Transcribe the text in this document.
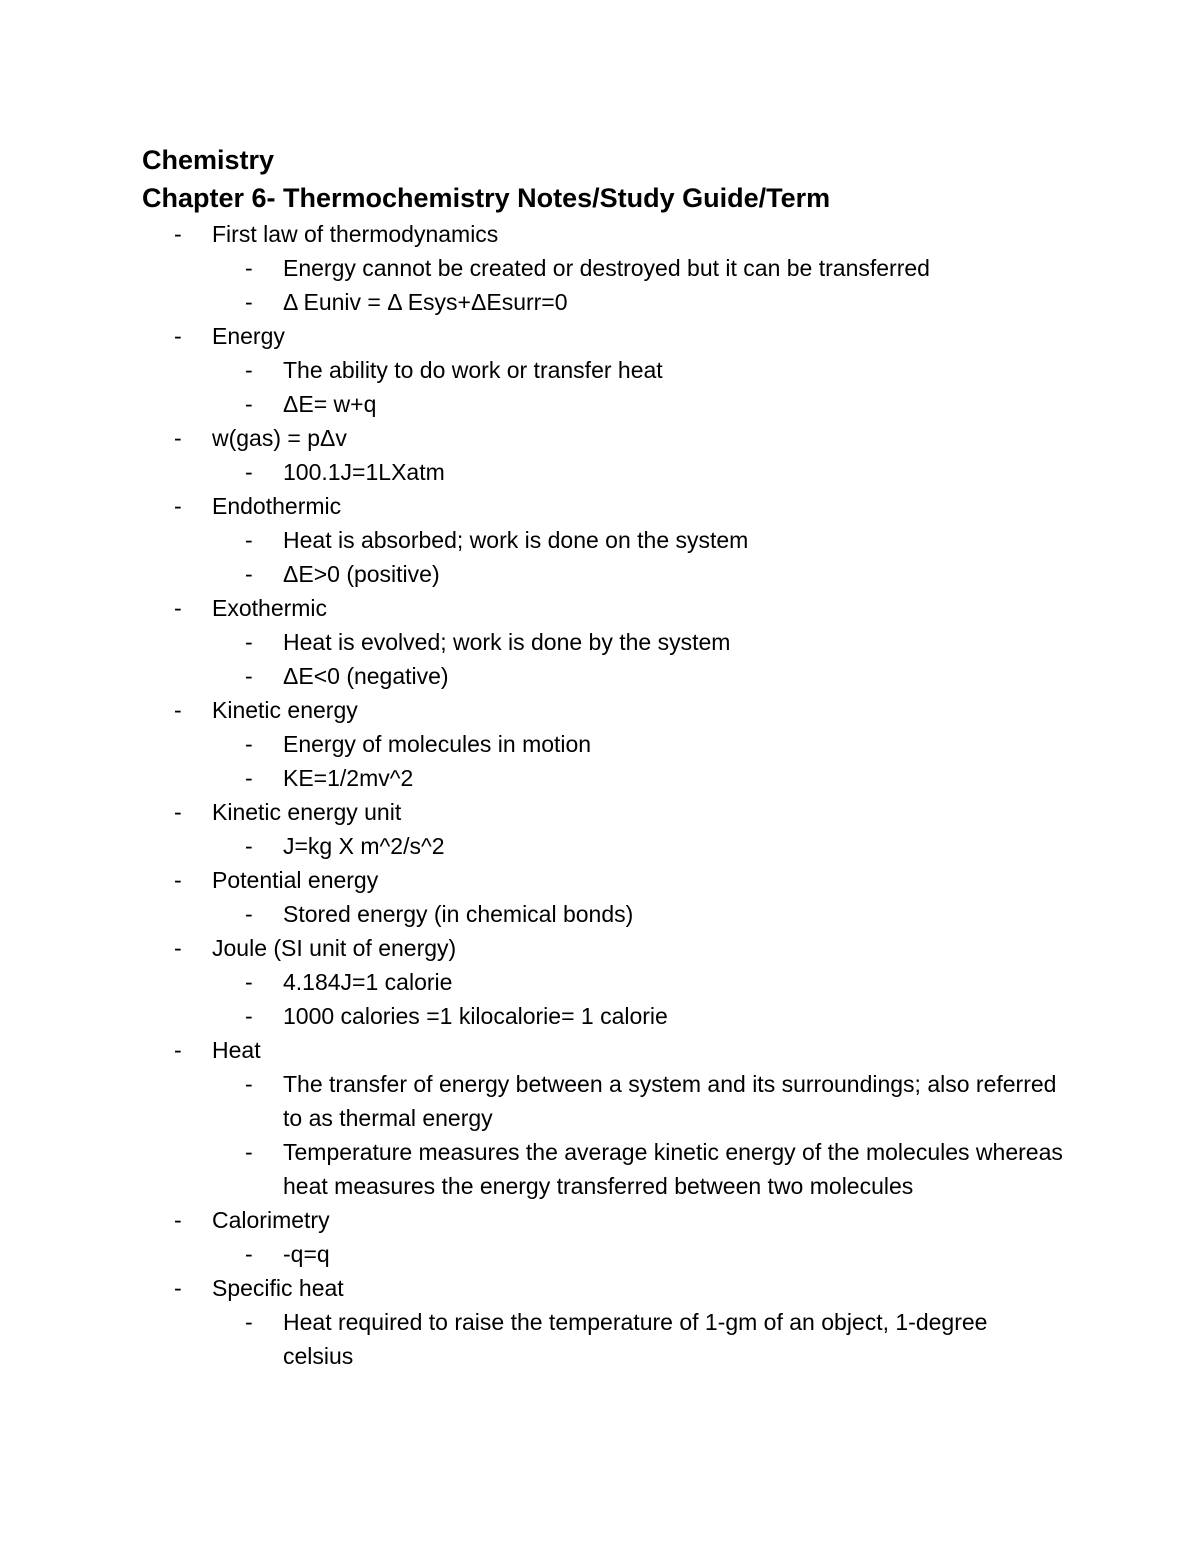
Chemistry
Chapter 6- Thermochemistry Notes/Study Guide/Term
- First law of thermodynamics
- Energy cannot be created or destroyed but it can be transferred
- Δ Euniv = Δ Esys+ΔEsurr=0
- Energy
- The ability to do work or transfer heat
- ΔE= w+q
- w(gas) = pΔv
- 100.1J=1LXatm
- Endothermic
- Heat is absorbed; work is done on the system
- ΔE>0 (positive)
- Exothermic
- Heat is evolved; work is done by the system
- ΔE<0 (negative)
- Kinetic energy
- Energy of molecules in motion
- KE=1/2mv^2
- Kinetic energy unit
- J=kg X m^2/s^2
- Potential energy
- Stored energy (in chemical bonds)
- Joule (SI unit of energy)
- 4.184J=1 calorie
- 1000 calories =1 kilocalorie= 1 calorie
- Heat
- The transfer of energy between a system and its surroundings; also referred to as thermal energy
- Temperature measures the average kinetic energy of the molecules whereas heat measures the energy transferred between two molecules
- Calorimetry
- -q=q
- Specific heat
- Heat required to raise the temperature of 1-gm of an object, 1-degree celsius
